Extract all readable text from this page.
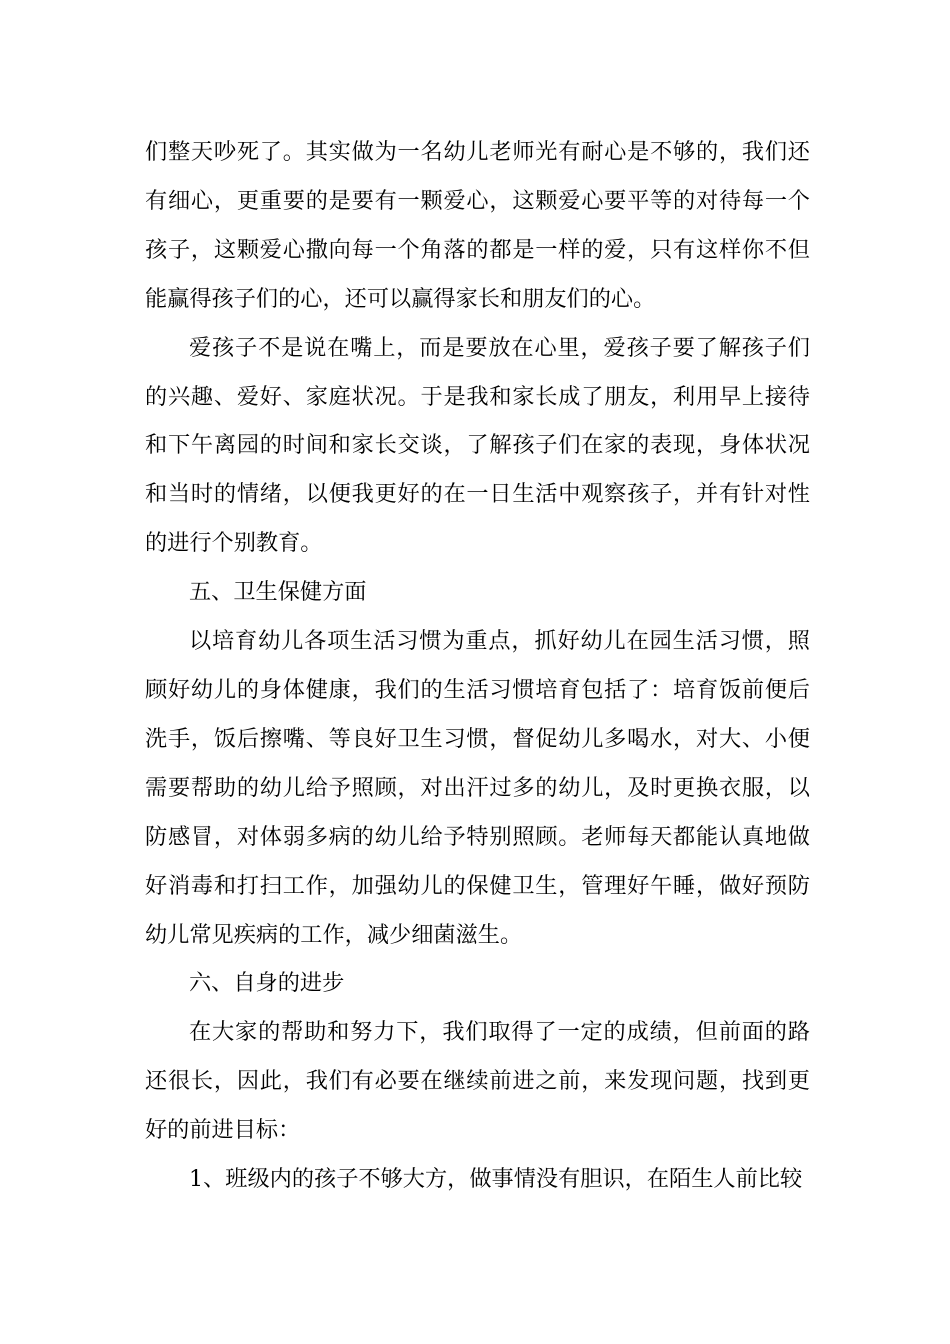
们整天吵死了。其实做为一名幼儿老师光有耐心是不够的，我们还有细心，更重要的是要有一颗爱心，这颗爱心要平等的对待每一个孩子，这颗爱心撒向每一个角落的都是一样的爱，只有这样你不但能赢得孩子们的心，还可以赢得家长和朋友们的心。

爱孩子不是说在嘴上，而是要放在心里，爱孩子要了解孩子们的兴趣、爱好、家庭状况。于是我和家长成了朋友，利用早上接待和下午离园的时间和家长交谈，了解孩子们在家的表现，身体状况和当时的情绪，以便我更好的在一日生活中观察孩子，并有针对性的进行个别教育。

五、卫生保健方面

以培育幼儿各项生活习惯为重点，抓好幼儿在园生活习惯，照顾好幼儿的身体健康，我们的生活习惯培育包括了：培育饭前便后洗手，饭后擦嘴、等良好卫生习惯，督促幼儿多喝水，对大、小便需要帮助的幼儿给予照顾，对出汗过多的幼儿，及时更换衣服，以防感冒，对体弱多病的幼儿给予特别照顾。老师每天都能认真地做好消毒和打扫工作，加强幼儿的保健卫生，管理好午睡，做好预防幼儿常见疾病的工作，减少细菌滋生。

六、自身的进步

在大家的帮助和努力下，我们取得了一定的成绩，但前面的路还很长，因此，我们有必要在继续前进之前，来发现问题，找到更好的前进目标：

1、班级内的孩子不够大方，做事情没有胆识，在陌生人前比较
